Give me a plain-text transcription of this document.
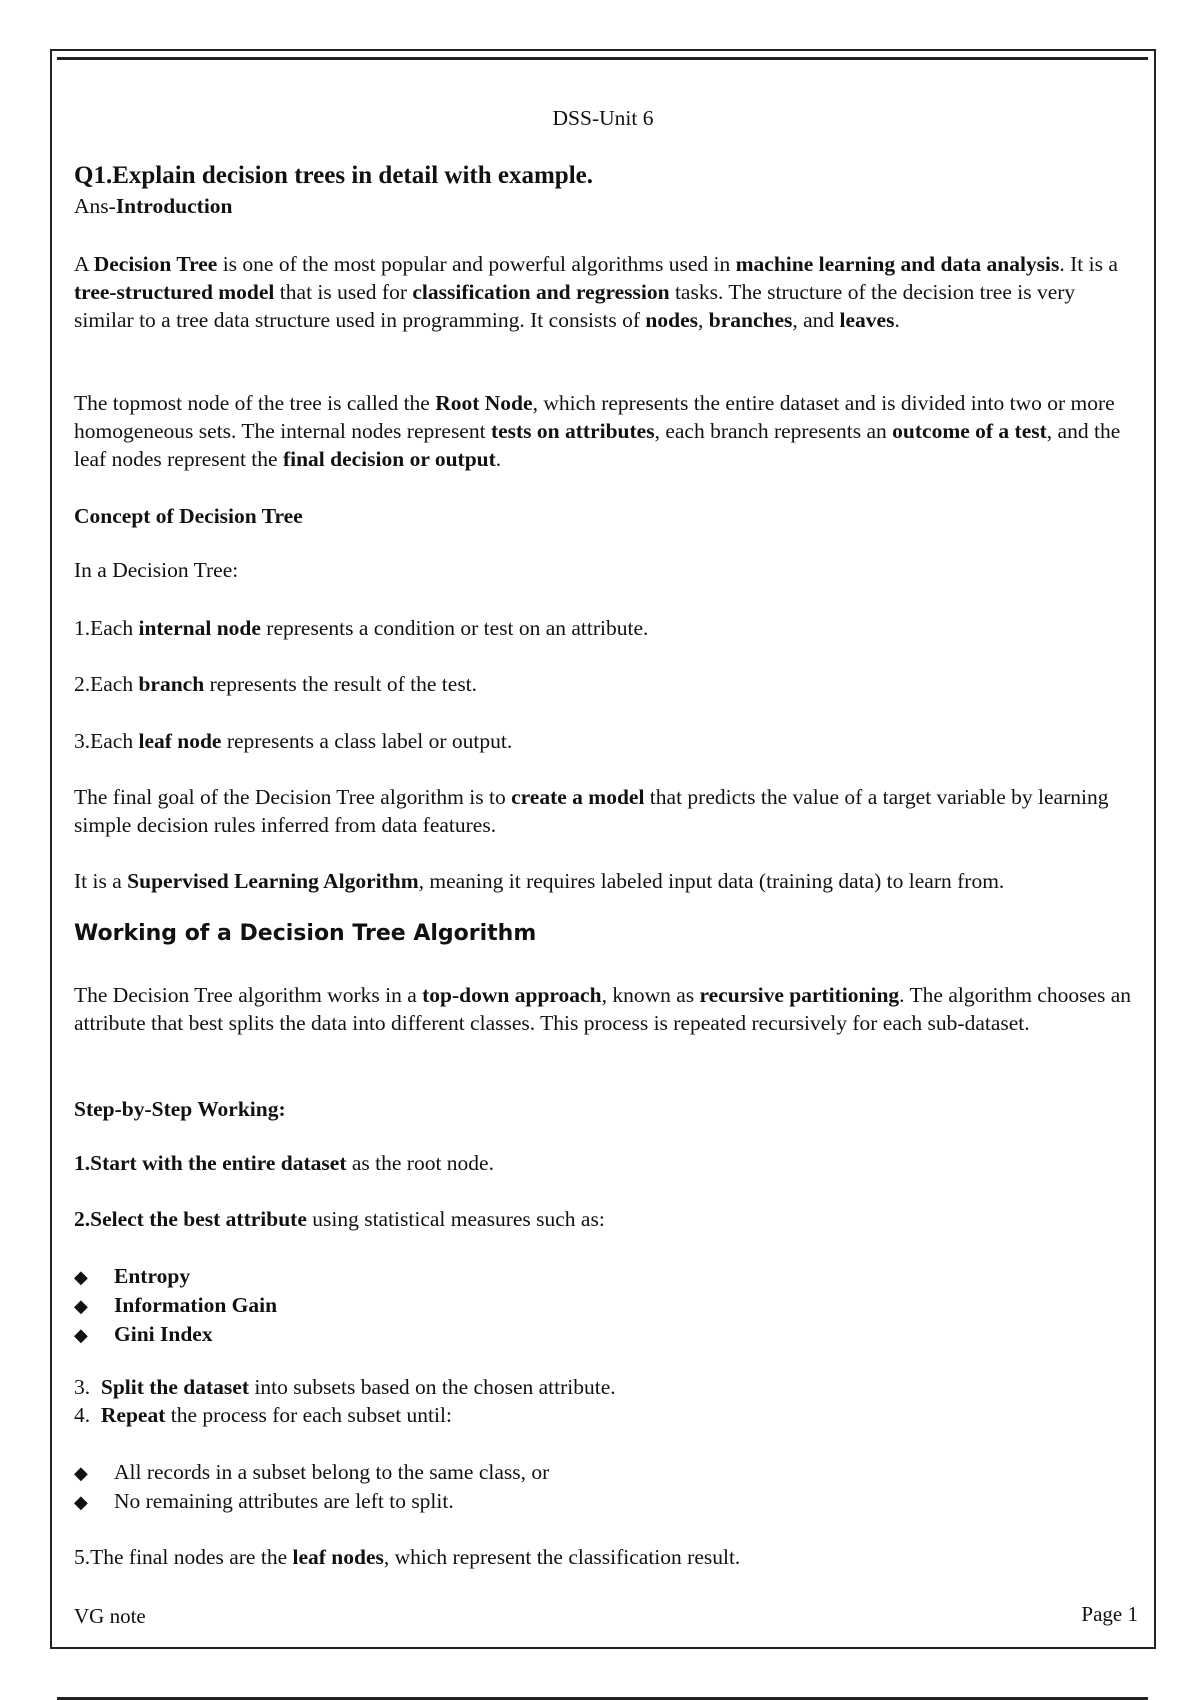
DSS-Unit 6
Q1.Explain decision trees in detail with example.
Ans-Introduction
A Decision Tree is one of the most popular and powerful algorithms used in machine learning and data analysis. It is a tree-structured model that is used for classification and regression tasks. The structure of the decision tree is very similar to a tree data structure used in programming. It consists of nodes, branches, and leaves.
The topmost node of the tree is called the Root Node, which represents the entire dataset and is divided into two or more homogeneous sets. The internal nodes represent tests on attributes, each branch represents an outcome of a test, and the leaf nodes represent the final decision or output.
Concept of Decision Tree
In a Decision Tree:
1.Each internal node represents a condition or test on an attribute.
2.Each branch represents the result of the test.
3.Each leaf node represents a class label or output.
The final goal of the Decision Tree algorithm is to create a model that predicts the value of a target variable by learning simple decision rules inferred from data features.
It is a Supervised Learning Algorithm, meaning it requires labeled input data (training data) to learn from.
Working of a Decision Tree Algorithm
The Decision Tree algorithm works in a top-down approach, known as recursive partitioning. The algorithm chooses an attribute that best splits the data into different classes. This process is repeated recursively for each sub-dataset.
Step-by-Step Working:
1.Start with the entire dataset as the root node.
2.Select the best attribute using statistical measures such as:
◆ Entropy
◆ Information Gain
◆ Gini Index
3.  Split the dataset into subsets based on the chosen attribute.
4.  Repeat the process for each subset until:
◆ All records in a subset belong to the same class, or
◆ No remaining attributes are left to split.
5.The final nodes are the leaf nodes, which represent the classification result.
VG note	Page 1
